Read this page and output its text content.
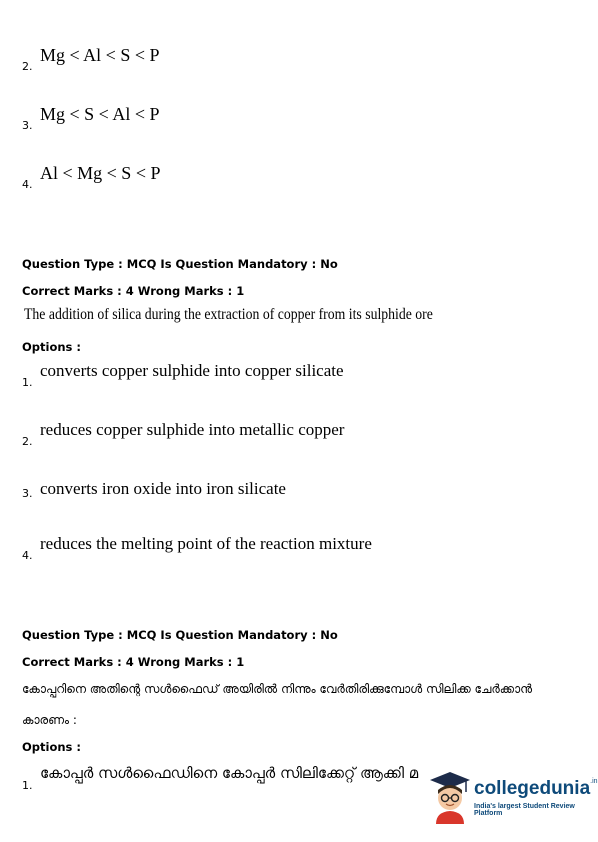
2.
Mg < Al < S < P
3.
Mg < S < Al < P
4.
Al < Mg < S < P
Question Type : MCQ Is Question Mandatory : No
Correct Marks : 4 Wrong Marks : 1
The addition of silica during the extraction of copper from its sulphide ore
Options :
1.
converts copper sulphide into copper silicate
2.
reduces copper sulphide into metallic copper
3. converts iron oxide into iron silicate
4.
reduces the melting point of the reaction mixture
Question Type : MCQ Is Question Mandatory : No
Correct Marks : 4 Wrong Marks : 1
കോപ്പറിനെ അതിന്റെ സൾഫൈഡ് അയിരിൽ നിന്നും വേർതിരിക്കുമ്പോൾ സിലിക്ക ചേർക്കാൻ
കാരണം :
Options :
1.
കോപ്പർ സൾഫൈഡിനെ കോപ്പർ സിലിക്കേറ്റ് ആക്കി മ
collegedunia$^{.in}$
India's largest Student Review Platform
